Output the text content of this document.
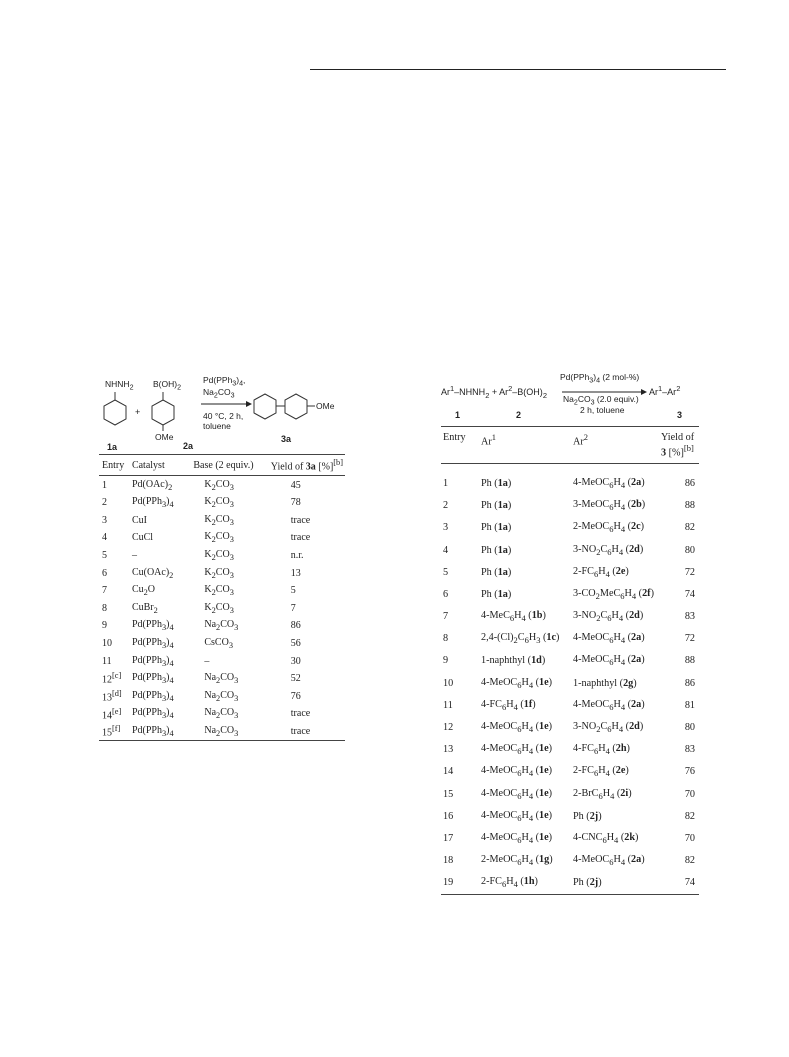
$NHNH_2$
+
$B(OH)_2$
OMe
$Pd(PPh_3)_4$,
$Na_2CO_3$
40 °C, 2 h,
toluene
OMe
1a	2a
3a
Entry	Catalyst	Base (2 equiv.)	Yield of 3a [%][b]
1	$Pd(OAc)_2$	$K_2CO_3$	45
2	$Pd(PPh_3)_4$	$K_2CO_3$	78
3	CuI	$K_2CO_3$	trace
4	CuCl	$K_2CO_3$	trace
5	–	$K_2CO_3$	n.r.
6	$Cu(OAc)_2$	$K_2CO_3$	13
7	$Cu_2O$	$K_2CO_3$	5
8	CuBr$_2$	$K_2CO_3$	7
9	$Pd(PPh_3)_4$	$Na_2CO_3$	86
10	$Pd(PPh_3)_4$	CsCO$_3$	56
11	$Pd(PPh_3)_4$	–	30
12[c]	$Pd(PPh_3)_4$	$Na_2CO_3$	52
13[d]	$Pd(PPh_3)_4$	$Na_2CO_3$	76
14[e]	$Pd(PPh_3)_4$	$Na_2CO_3$	trace
15[f]	$Pd(PPh_3)_4$	$Na_2CO_3$	trace
$Ar^1-NHNH_2 + Ar^2-B(OH)_2$
$Pd(PPh_3)_4$ (2 mol-%)
$Na_2CO_3$ (2.0 equiv.)
2 h, toluene
Ar$^1$–Ar$^2$
1	2	3
Entry	Ar$^1$	Ar$^2$	Yield of
3 [%][b]
1	Ph (1a)	$4-MeOC_6H_4$ (2a)	86
2	Ph (1a)	$3-MeOC_6H_4$ (2b)	88
3	Ph (1a)	$2-MeOC_6H_4$ (2c)	82
4	Ph (1a)	$3-NO_2C_6H_4$ (2d)	80
5	Ph (1a)	$2-FC_6H_4$ (2e)	72
6	Ph (1a)	$3-CO_2MeC_6H_4$ (2f)	74
7	$4-MeC_6H_4$ (1b)	$3-NO_2C_6H_4$ (2d)	83
8	$2,4-(Cl)_2C_6H_3$ (1c)	$4-MeOC_6H_4$ (2a)	72
9	1-naphthyl (1d)	$4-MeOC_6H_4$ (2a)	88
10	$4-MeOC_6H_4$ (1e)	1-naphthyl (2g)	86
11	$4-FC_6H_4$ (1f)	$4-MeOC_6H_4$ (2a)	81
12	$4-MeOC_6H_4$ (1e)	$3-NO_2C_6H_4$ (2d)	80
13	$4-MeOC_6H_4$ (1e)	$4-FC_6H_4$ (2h)	83
14	$4-MeOC_6H_4$ (1e)	$2-FC_6H_4$ (2e)	76
15	$4-MeOC_6H_4$ (1e)	$2-BrC_6H_4$ (2i)	70
16	$4-MeOC_6H_4$ (1e)	Ph (2j)	82
17	$4-MeOC_6H_4$ (1e)	$4-CNC_6H_4$ (2k)	70
18	$2-MeOC_6H_4$ (1g)	$4-MeOC_6H_4$ (2a)	82
19	$2-FC_6H_4$ (1h)	Ph (2j)	74
